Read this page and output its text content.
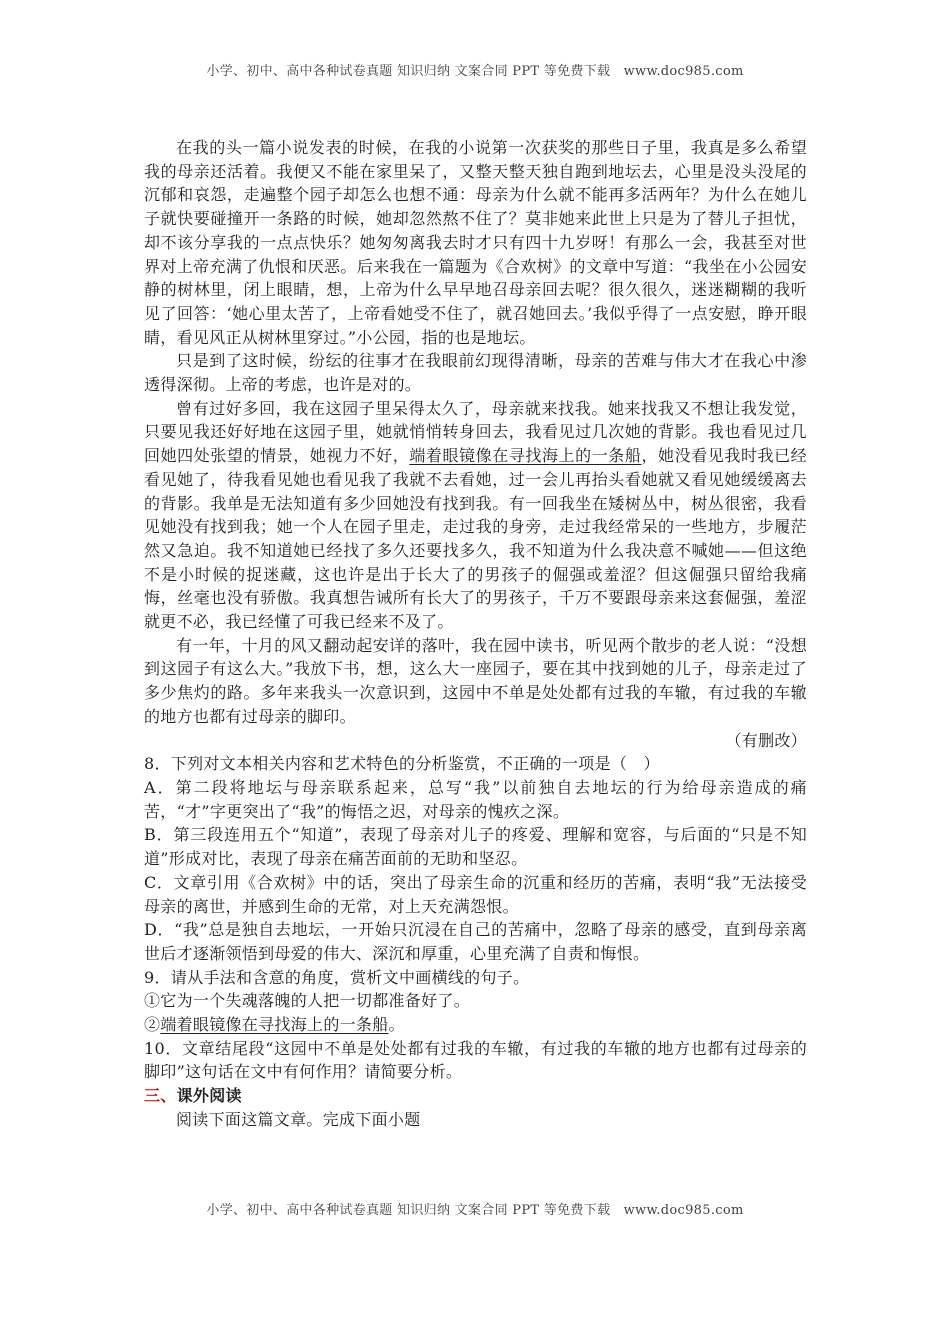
小学、初中、高中各种试卷真题 知识归纳 文案合同 PPT 等免费下载　www.doc985.com

在我的头一篇小说发表的时候，在我的小说第一次获奖的那些日子里，我真是多么希望我的母亲还活着。我便又不能在家里呆了，又整天整天独自跑到地坛去，心里是没头没尾的沉郁和哀怨，走遍整个园子却怎么也想不通：母亲为什么就不能再多活两年？为什么在她儿子就快要碰撞开一条路的时候，她却忽然熬不住了？莫非她来此世上只是为了替儿子担忧，却不该分享我的一点点快乐？她匆匆离我去时才只有四十九岁呀！有那么一会，我甚至对世界对上帝充满了仇恨和厌恶。后来我在一篇题为《合欢树》的文章中写道：“我坐在小公园安静的树林里，闭上眼睛，想，上帝为什么早早地召母亲回去呢？很久很久，迷迷糊糊的我听见了回答：‘她心里太苦了，上帝看她受不住了，就召她回去。’我似乎得了一点安慰，睁开眼睛，看见风正从树林里穿过。”小公园，指的也是地坛。

只是到了这时候，纷纭的往事才在我眼前幻现得清晰，母亲的苦难与伟大才在我心中渗透得深彻。上帝的考虑，也许是对的。

曾有过好多回，我在这园子里呆得太久了，母亲就来找我。她来找我又不想让我发觉，只要见我还好好地在这园子里，她就悄悄转身回去，我看见过几次她的背影。我也看见过几回她四处张望的情景，她视力不好，端着眼镜像在寻找海上的一条船，她没看见我时我已经看见她了，待我看见她也看见我了我就不去看她，过一会儿再抬头看她就又看见她缓缓离去的背影。我单是无法知道有多少回她没有找到我。有一回我坐在矮树丛中，树丛很密，我看见她没有找到我；她一个人在园子里走，走过我的身旁，走过我经常呆的一些地方，步履茫然又急迫。我不知道她已经找了多久还要找多久，我不知道为什么我决意不喊她——但这绝不是小时候的捉迷藏，这也许是出于长大了的男孩子的倔强或羞涩？但这倔强只留给我痛悔，丝毫也没有骄傲。我真想告诫所有长大了的男孩子，千万不要跟母亲来这套倔强，羞涩就更不必，我已经懂了可我已经来不及了。

有一年，十月的风又翻动起安详的落叶，我在园中读书，听见两个散步的老人说：“没想到这园子有这么大。”我放下书，想，这么大一座园子，要在其中找到她的儿子，母亲走过了多少焦灼的路。多年来我头一次意识到，这园中不单是处处都有过我的车辙，有过我的车辙的地方也都有过母亲的脚印。

（有删改）

8．下列对文本相关内容和艺术特色的分析鉴赏，不正确的一项是（　）

A．第二段将地坛与母亲联系起来，总写“我”以前独自去地坛的行为给母亲造成的痛苦，“才”字更突出了“我”的悔悟之迟，对母亲的愧疚之深。

B．第三段连用五个“知道”，表现了母亲对儿子的疼爱、理解和宽容，与后面的“只是不知道”形成对比，表现了母亲在痛苦面前的无助和坚忍。

C．文章引用《合欢树》中的话，突出了母亲生命的沉重和经历的苦痛，表明“我”无法接受母亲的离世，并感到生命的无常，对上天充满怨恨。

D．“我”总是独自去地坛，一开始只沉浸在自己的苦痛中，忽略了母亲的感受，直到母亲离世后才逐渐领悟到母爱的伟大、深沉和厚重，心里充满了自责和悔恨。

9．请从手法和含意的角度，赏析文中画横线的句子。

①它为一个失魂落魄的人把一切都准备好了。

②端着眼镜像在寻找海上的一条船。

10．文章结尾段“这园中不单是处处都有过我的车辙，有过我的车辙的地方也都有过母亲的脚印”这句话在文中有何作用？请简要分析。

三、课外阅读

阅读下面这篇文章。完成下面小题

小学、初中、高中各种试卷真题 知识归纳 文案合同 PPT 等免费下载　www.doc985.com
